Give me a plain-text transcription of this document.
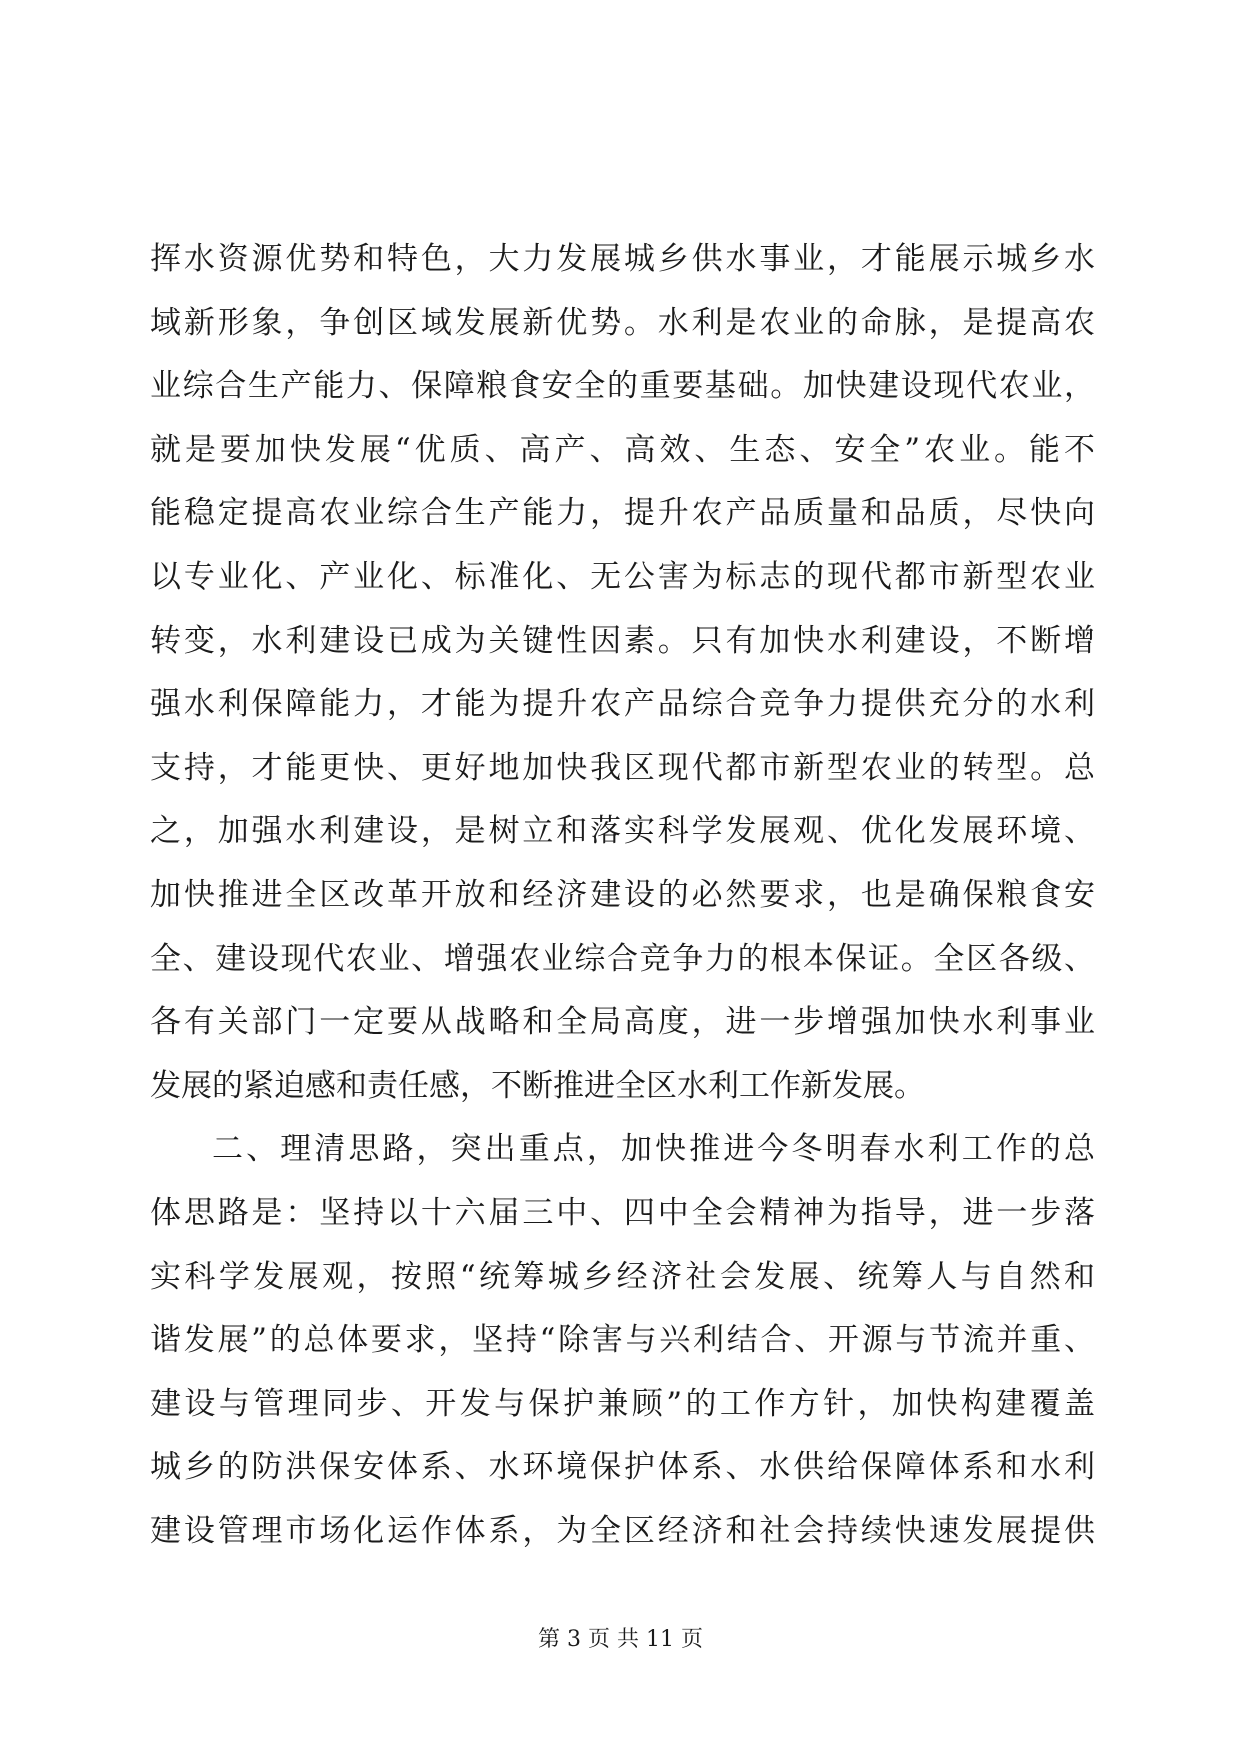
挥水资源优势和特色，大力发展城乡供水事业，才能展示城乡水
域新形象，争创区域发展新优势。水利是农业的命脉，是提高农
业综合生产能力、保障粮食安全的重要基础。加快建设现代农业，
就是要加快发展“优质、高产、高效、生态、安全”农业。能不
能稳定提高农业综合生产能力，提升农产品质量和品质，尽快向
以专业化、产业化、标准化、无公害为标志的现代都市新型农业
转变，水利建设已成为关键性因素。只有加快水利建设，不断增
强水利保障能力，才能为提升农产品综合竞争力提供充分的水利
支持，才能更快、更好地加快我区现代都市新型农业的转型。总
之，加强水利建设，是树立和落实科学发展观、优化发展环境、
加快推进全区改革开放和经济建设的必然要求，也是确保粮食安
全、建设现代农业、增强农业综合竞争力的根本保证。全区各级、
各有关部门一定要从战略和全局高度，进一步增强加快水利事业
发展的紧迫感和责任感，不断推进全区水利工作新发展。
二、理清思路，突出重点，加快推进今冬明春水利工作的总
体思路是：坚持以十六届三中、四中全会精神为指导，进一步落
实科学发展观，按照“统筹城乡经济社会发展、统筹人与自然和
谐发展”的总体要求，坚持“除害与兴利结合、开源与节流并重、
建设与管理同步、开发与保护兼顾”的工作方针，加快构建覆盖
城乡的防洪保安体系、水环境保护体系、水供给保障体系和水利
建设管理市场化运作体系，为全区经济和社会持续快速发展提供
第 3 页 共 11 页
